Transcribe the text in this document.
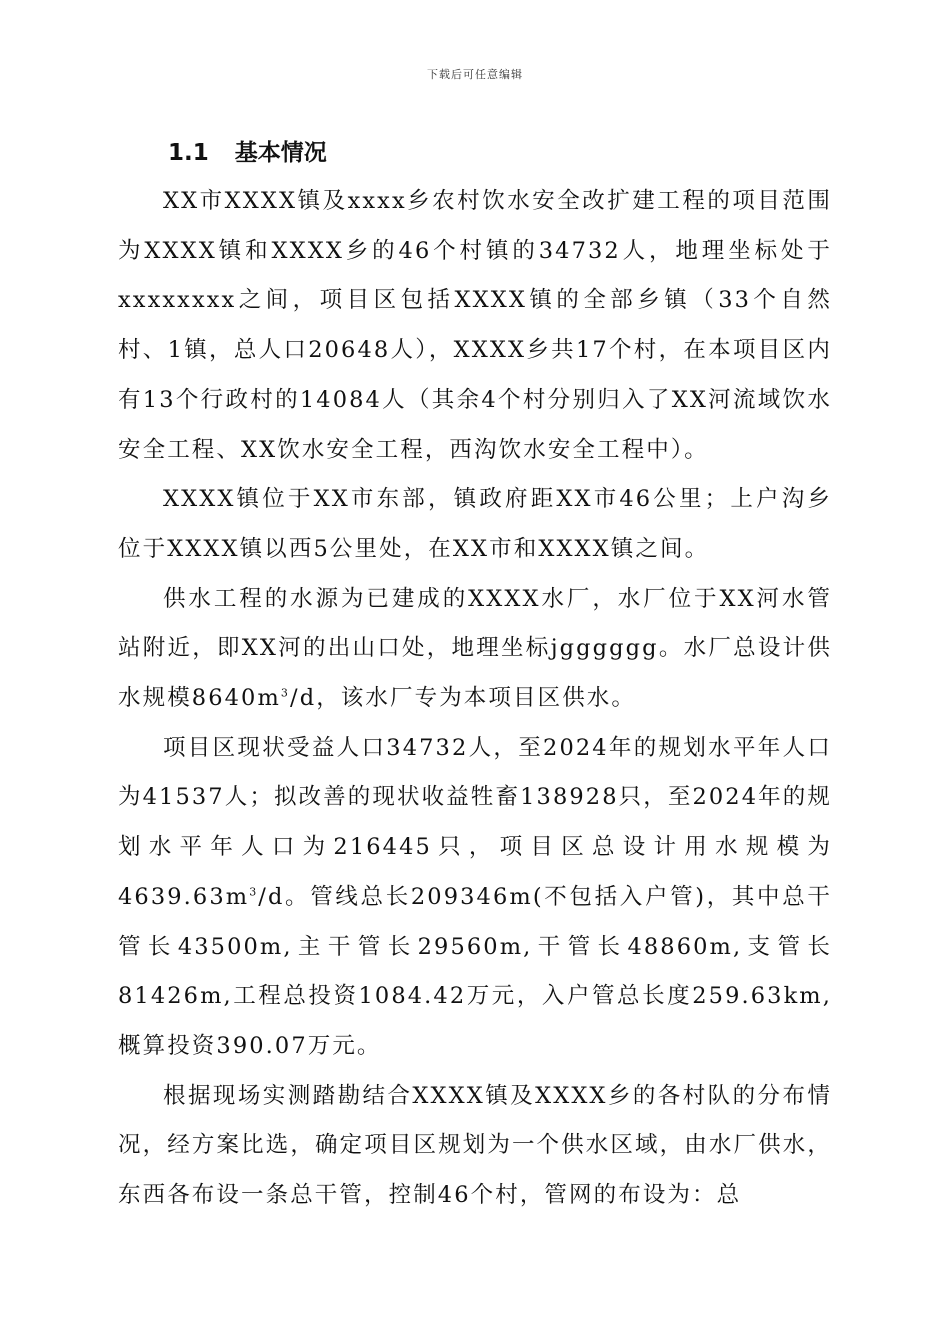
下载后可任意编辑
1.1 基本情况

XX市XXXX镇及xxxx乡农村饮水安全改扩建工程的项目范围为XXXX镇和XXXX乡的46个村镇的34732人，地理坐标处于xxxxxxxx之间，项目区包括XXXX镇的全部乡镇（33个自然村、1镇，总人口20648人），XXXX乡共17个村，在本项目区内有13个行政村的14084人（其余4个村分别归入了XX河流域饮水安全工程、XX饮水安全工程，西沟饮水安全工程中）。

XXXX镇位于XX市东部，镇政府距XX市46公里；上户沟乡位于XXXX镇以西5公里处，在XX市和XXXX镇之间。

供水工程的水源为已建成的XXXX水厂，水厂位于XX河水管站附近，即XX河的出山口处，地理坐标jgggggg。水厂总设计供水规模$8640m^3/d$，该水厂专为本项目区供水。

项目区现状受益人口34732人，至2024年的规划水平年人口为41537人；拟改善的现状收益牲畜138928只，至2024年的规划水平年人口为216445只，项目区总设计用水规模为$4639.63m^3/d$。管线总长209346m(不包括入户管)，其中总干管长43500m,主干管长29560m,干管长48860m,支管长81426m,工程总投资1084.42万元，入户管总长度259.63km,概算投资390.07万元。

根据现场实测踏勘结合XXXX镇及XXXX乡的各村队的分布情况，经方案比选，确定项目区规划为一个供水区域，由水厂供水，东西各布设一条总干管，控制46个村，管网的布设为：总
